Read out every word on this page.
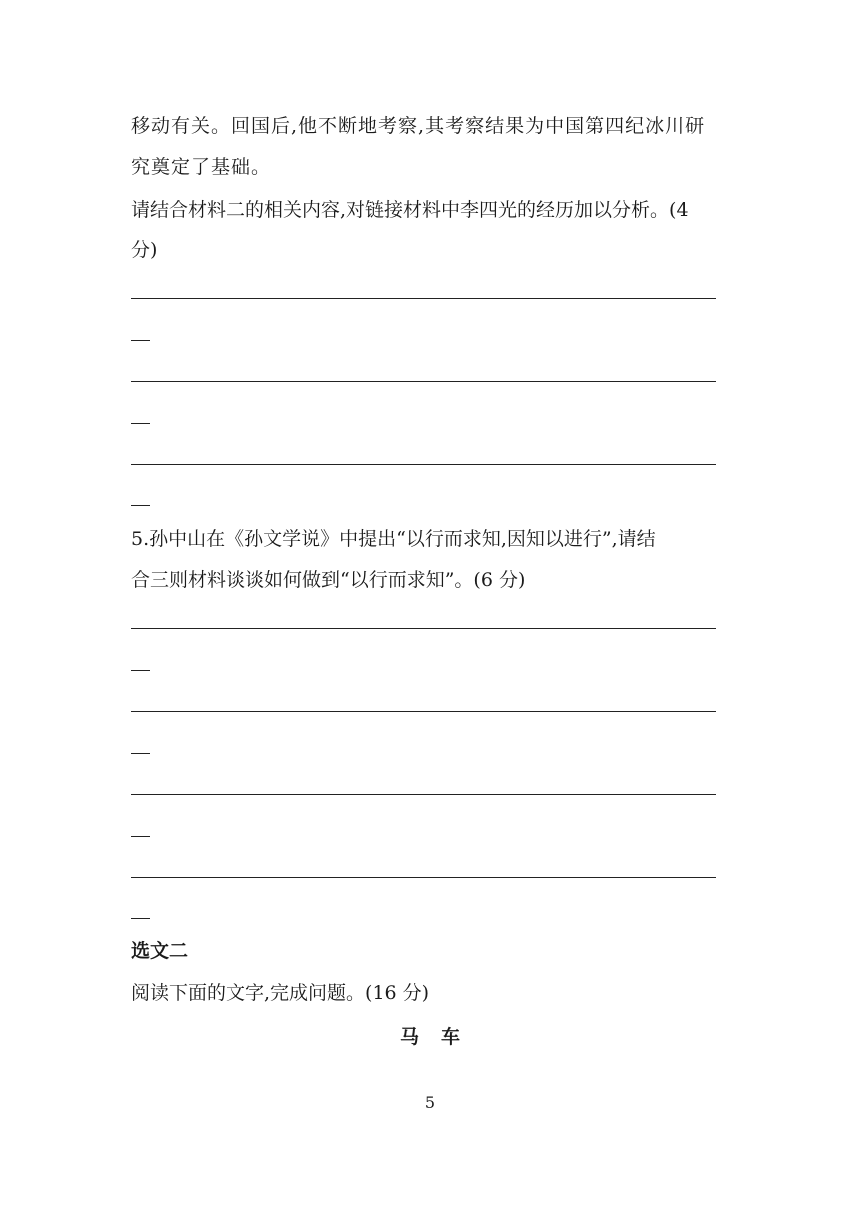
移动有关。回国后,他不断地考察,其考察结果为中国第四纪冰川研
究奠定了基础。
请结合材料二的相关内容,对链接材料中李四光的经历加以分析。(4
分)
5.孙中山在《孙文学说》中提出“以行而求知,因知以进行”,请结
合三则材料谈谈如何做到“以行而求知”。(6 分)
选文二
阅读下面的文字,完成问题。(16 分)
马车
5
